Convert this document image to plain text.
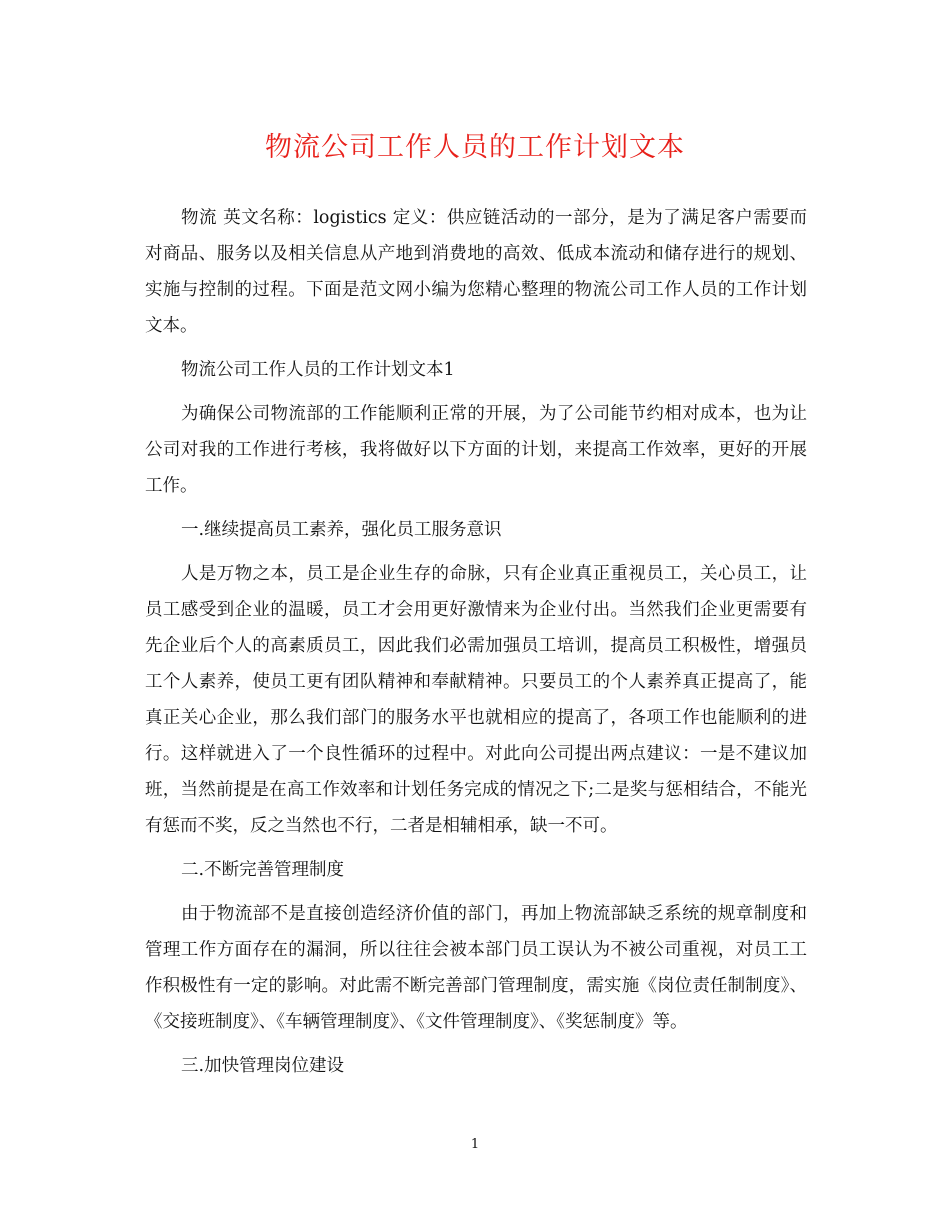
物流公司工作人员的工作计划文本

物流 英文名称：logistics 定义：供应链活动的一部分，是为了满足客户需要而对商品、服务以及相关信息从产地到消费地的高效、低成本流动和储存进行的规划、实施与控制的过程。下面是范文网小编为您精心整理的物流公司工作人员的工作计划文本。

物流公司工作人员的工作计划文本1

为确保公司物流部的工作能顺利正常的开展，为了公司能节约相对成本，也为让公司对我的工作进行考核，我将做好以下方面的计划，来提高工作效率，更好的开展工作。

一.继续提高员工素养，强化员工服务意识

人是万物之本，员工是企业生存的命脉，只有企业真正重视员工，关心员工，让员工感受到企业的温暖，员工才会用更好激情来为企业付出。当然我们企业更需要有先企业后个人的高素质员工，因此我们必需加强员工培训，提高员工积极性，增强员工个人素养，使员工更有团队精神和奉献精神。只要员工的个人素养真正提高了，能真正关心企业，那么我们部门的服务水平也就相应的提高了，各项工作也能顺利的进行。这样就进入了一个良性循环的过程中。对此向公司提出两点建议：一是不建议加班，当然前提是在高工作效率和计划任务完成的情况之下;二是奖与惩相结合，不能光有惩而不奖，反之当然也不行，二者是相辅相承，缺一不可。

二.不断完善管理制度

由于物流部不是直接创造经济价值的部门，再加上物流部缺乏系统的规章制度和管理工作方面存在的漏洞，所以往往会被本部门员工误认为不被公司重视，对员工工作积极性有一定的影响。对此需不断完善部门管理制度，需实施《岗位责任制制度》、《交接班制度》、《车辆管理制度》、《文件管理制度》、《奖惩制度》等。

三.加快管理岗位建设

1
